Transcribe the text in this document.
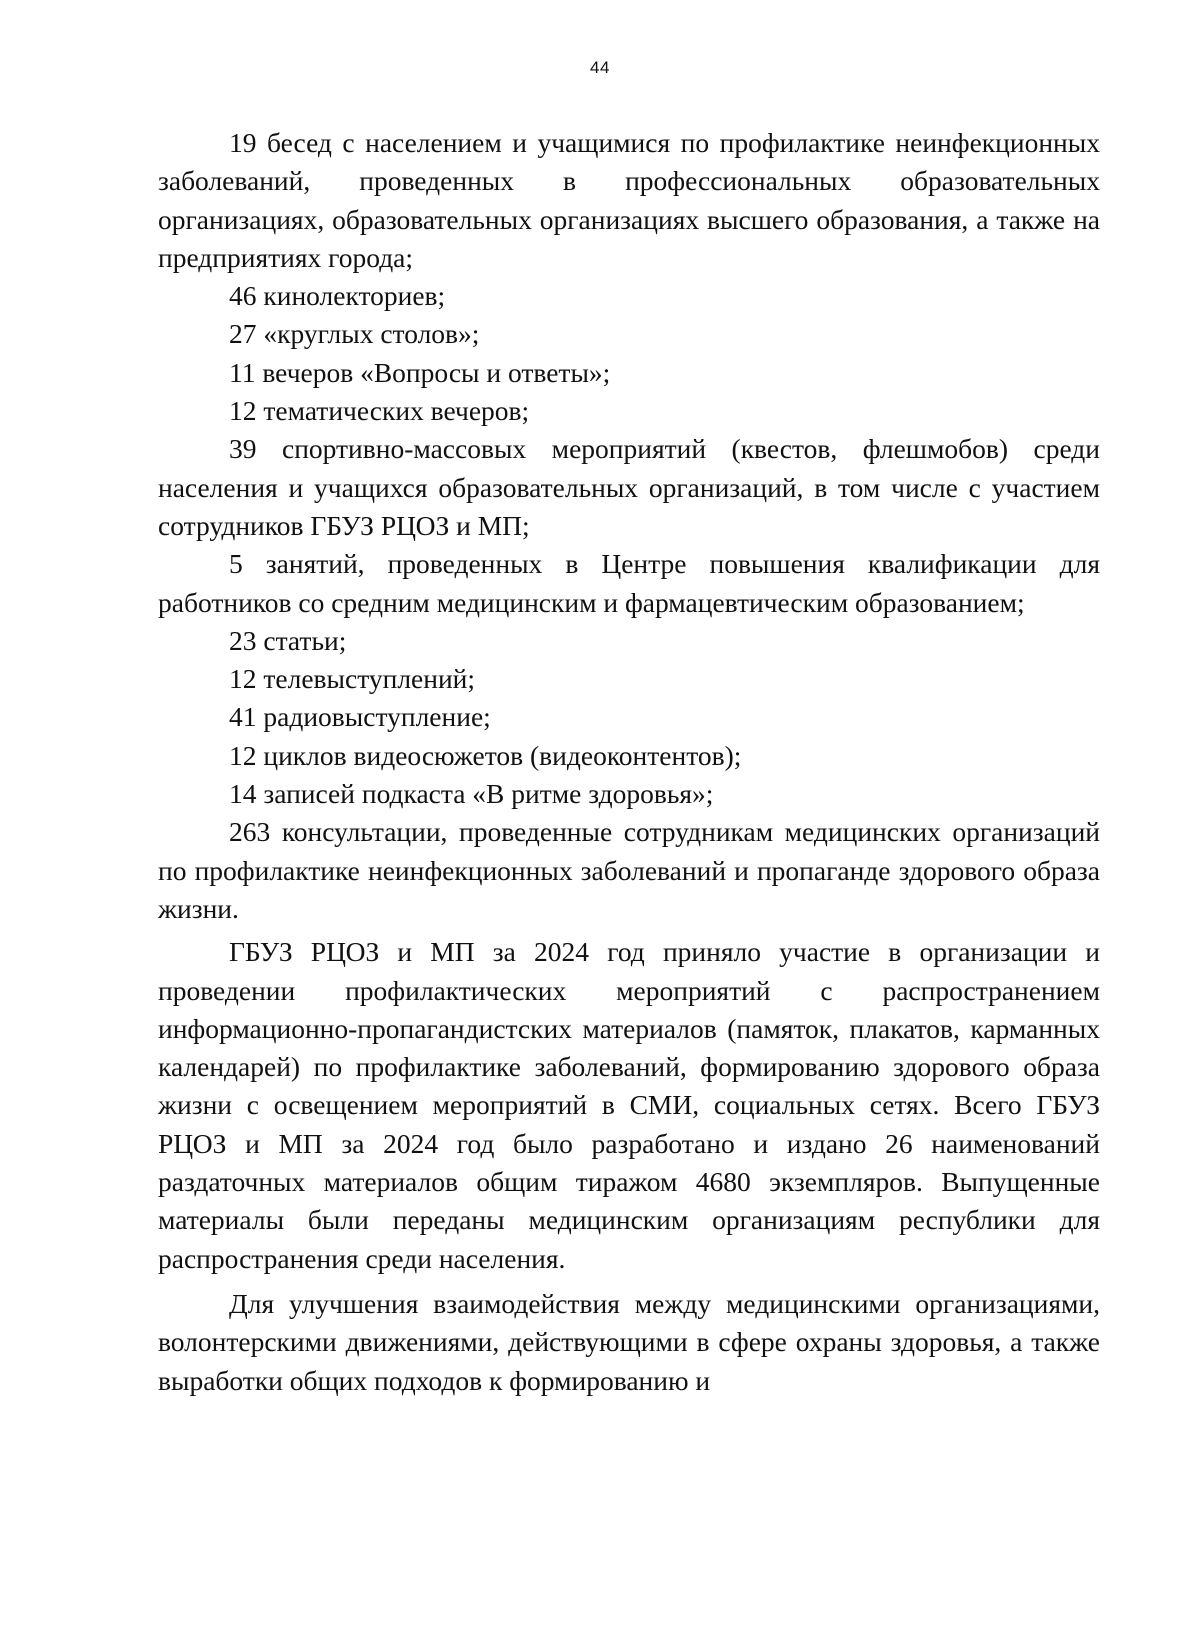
44

19 бесед с населением и учащимися по профилактике неинфекционных заболеваний, проведенных в профессиональных образовательных организациях, образовательных организациях высшего образования, а также на предприятиях города;

46 кинолекториев;

27 «круглых столов»;

11 вечеров «Вопросы и ответы»;

12 тематических вечеров;

39 спортивно-массовых мероприятий (квестов, флешмобов) среди населения и учащихся образовательных организаций, в том числе с участием сотрудников ГБУЗ РЦОЗ и МП;

5 занятий, проведенных в Центре повышения квалификации для работников со средним медицинским и фармацевтическим образованием;

23 статьи;

12 телевыступлений;

41 радиовыступление;

12 циклов видеосюжетов (видеоконтентов);

14 записей подкаста «В ритме здоровья»;

263 консультации, проведенные сотрудникам медицинских организаций по профилактике неинфекционных заболеваний и пропаганде здорового образа жизни.

ГБУЗ РЦОЗ и МП за 2024 год приняло участие в организации и проведении профилактических мероприятий с распространением информационно-пропагандистских материалов (памяток, плакатов, карманных календарей) по профилактике заболеваний, формированию здорового образа жизни с освещением мероприятий в СМИ, социальных сетях. Всего ГБУЗ РЦОЗ и МП за 2024 год было разработано и издано 26 наименований раздаточных материалов общим тиражом 4680 экземпляров. Выпущенные материалы были переданы медицинским организациям республики для распространения среди населения.

Для улучшения взаимодействия между медицинскими организациями, волонтерскими движениями, действующими в сфере охраны здоровья, а также выработки общих подходов к формированию и
